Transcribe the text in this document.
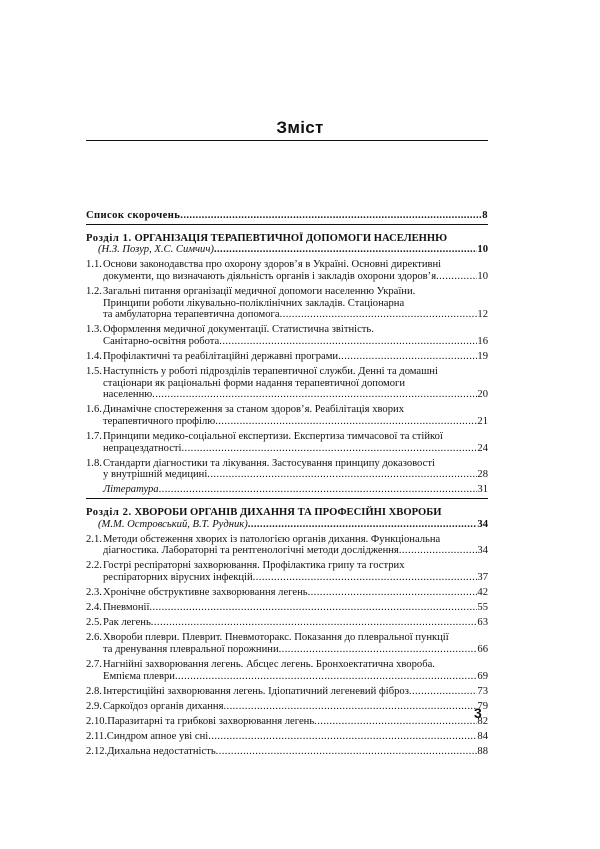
Зміст
Список скорочень .....	8
Розділ 1. ОРГАНІЗАЦІЯ ТЕРАПЕВТИЧНОЇ ДОПОМОГИ НАСЕЛЕННЮ
(Н.З. Позур, Х.С. Симчич) .....	10
1.1. Основи законодавства про охорону здоров’я в Україні. Основні директивні
документи, що визначають діяльність органів і закладів охорони здоров’я .....	10
1.2. Загальні питання організації медичної допомоги населенню України.
Принципи роботи лікувально-поліклінічних закладів. Стаціонарна
та амбулаторна терапевтична допомога .....	12
1.3. Оформлення медичної документації. Статистична звітність.
Санітарно-освітня робота .....	16
1.4. Профілактичні та реабілітаційні державні програми .....	19
1.5. Наступність у роботі підрозділів терапевтичної служби. Денні та домашні
стаціонари як раціональні форми надання терапевтичної допомоги
населенню .....	20
1.6. Динамічне спостереження за станом здоров’я. Реабілітація хворих
терапевтичного профілю .....	21
1.7. Принципи медико-соціальної експертизи. Експертиза тимчасової та стійкої
непрацездатності .....	24
1.8. Стандарти діагностики та лікування. Застосування принципу доказовості
у внутрішній медицині .....	28
Література .....	31
Розділ 2. ХВОРОБИ ОРГАНІВ ДИХАННЯ ТА ПРОФЕСІЙНІ ХВОРОБИ
(М.М. Островський, В.Т. Рудник) .....	34
2.1. Методи обстеження хворих із патологією органів дихання. Функціональна
діагностика. Лабораторні та рентгенологічні методи дослідження .....	34
2.2. Гострі респіраторні захворювання. Профілактика грипу та гострих
респіраторних вірусних інфекцій .....	37
2.3. Хронічне обструктивне захворювання легень .....	42
2.4. Пневмонії .....	55
2.5. Рак легень .....	63
2.6. Хвороби плеври. Плеврит. Пневмоторакс. Показання до плевральної пункції
та дренування плевральної порожнини .....	66
2.7. Нагнійні захворювання легень. Абсцес легень. Бронхоектатична хвороба.
Емпієма плеври .....	69
2.8. Інтерстиційні захворювання легень. Ідіопатичний легеневий фіброз .....	73
2.9. Саркоїдоз органів дихання .....	79
2.10. Паразитарні та грибкові захворювання легень .....	82
2.11. Синдром апное уві сні .....	84
2.12. Дихальна недостатність .....	88
3
